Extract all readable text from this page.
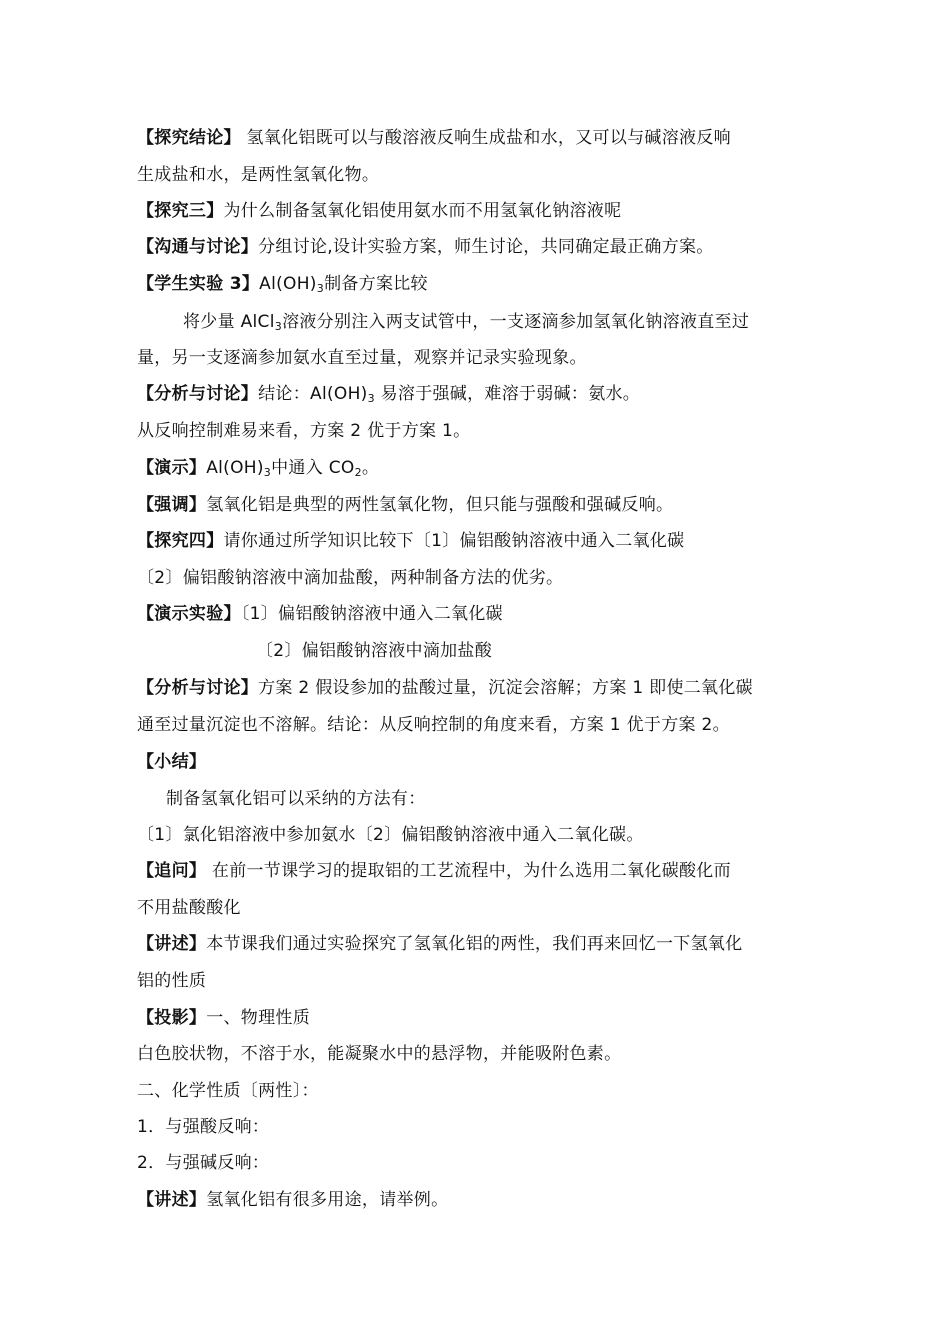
【探究结论】 氢氧化铝既可以与酸溶液反响生成盐和水，又可以与碱溶液反响
生成盐和水，是两性氢氧化物。
【探究三】为什么制备氢氧化铝使用氨水而不用氢氧化钠溶液呢
【沟通与讨论】分组讨论,设计实验方案，师生讨论，共同确定最正确方案。
【学生实验 3】$Al(OH)_3$制备方案比较
将少量 AlCl$_3$溶液分别注入两支试管中，一支逐滴参加氢氧化钠溶液直至过
量，另一支逐滴参加氨水直至过量，观察并记录实验现象。
【分析与讨论】结论：$Al(OH)_3$ 易溶于强碱，难溶于弱碱：氨水。
从反响控制难易来看，方案 2 优于方案 1。
【演示】$Al(OH)_3$中通入 $CO_2$。
【强调】氢氧化铝是典型的两性氢氧化物，但只能与强酸和强碱反响。
【探究四】请你通过所学知识比较下〔1〕偏铝酸钠溶液中通入二氧化碳
〔2〕偏铝酸钠溶液中滴加盐酸，两种制备方法的优劣。
【演示实验】〔1〕偏铝酸钠溶液中通入二氧化碳
〔2〕偏铝酸钠溶液中滴加盐酸
【分析与讨论】方案 2 假设参加的盐酸过量，沉淀会溶解；方案 1 即使二氧化碳
通至过量沉淀也不溶解。结论：从反响控制的角度来看，方案 1 优于方案 2。
【小结】
制备氢氧化铝可以采纳的方法有：
〔1〕氯化铝溶液中参加氨水〔2〕偏铝酸钠溶液中通入二氧化碳。
【追问】 在前一节课学习的提取铝的工艺流程中，为什么选用二氧化碳酸化而
不用盐酸酸化
【讲述】本节课我们通过实验探究了氢氧化铝的两性，我们再来回忆一下氢氧化
铝的性质
【投影】一、物理性质
白色胶状物，不溶于水，能凝聚水中的悬浮物，并能吸附色素。
二、化学性质〔两性〕：
1．与强酸反响：
2．与强碱反响：
【讲述】氢氧化铝有很多用途，请举例。
